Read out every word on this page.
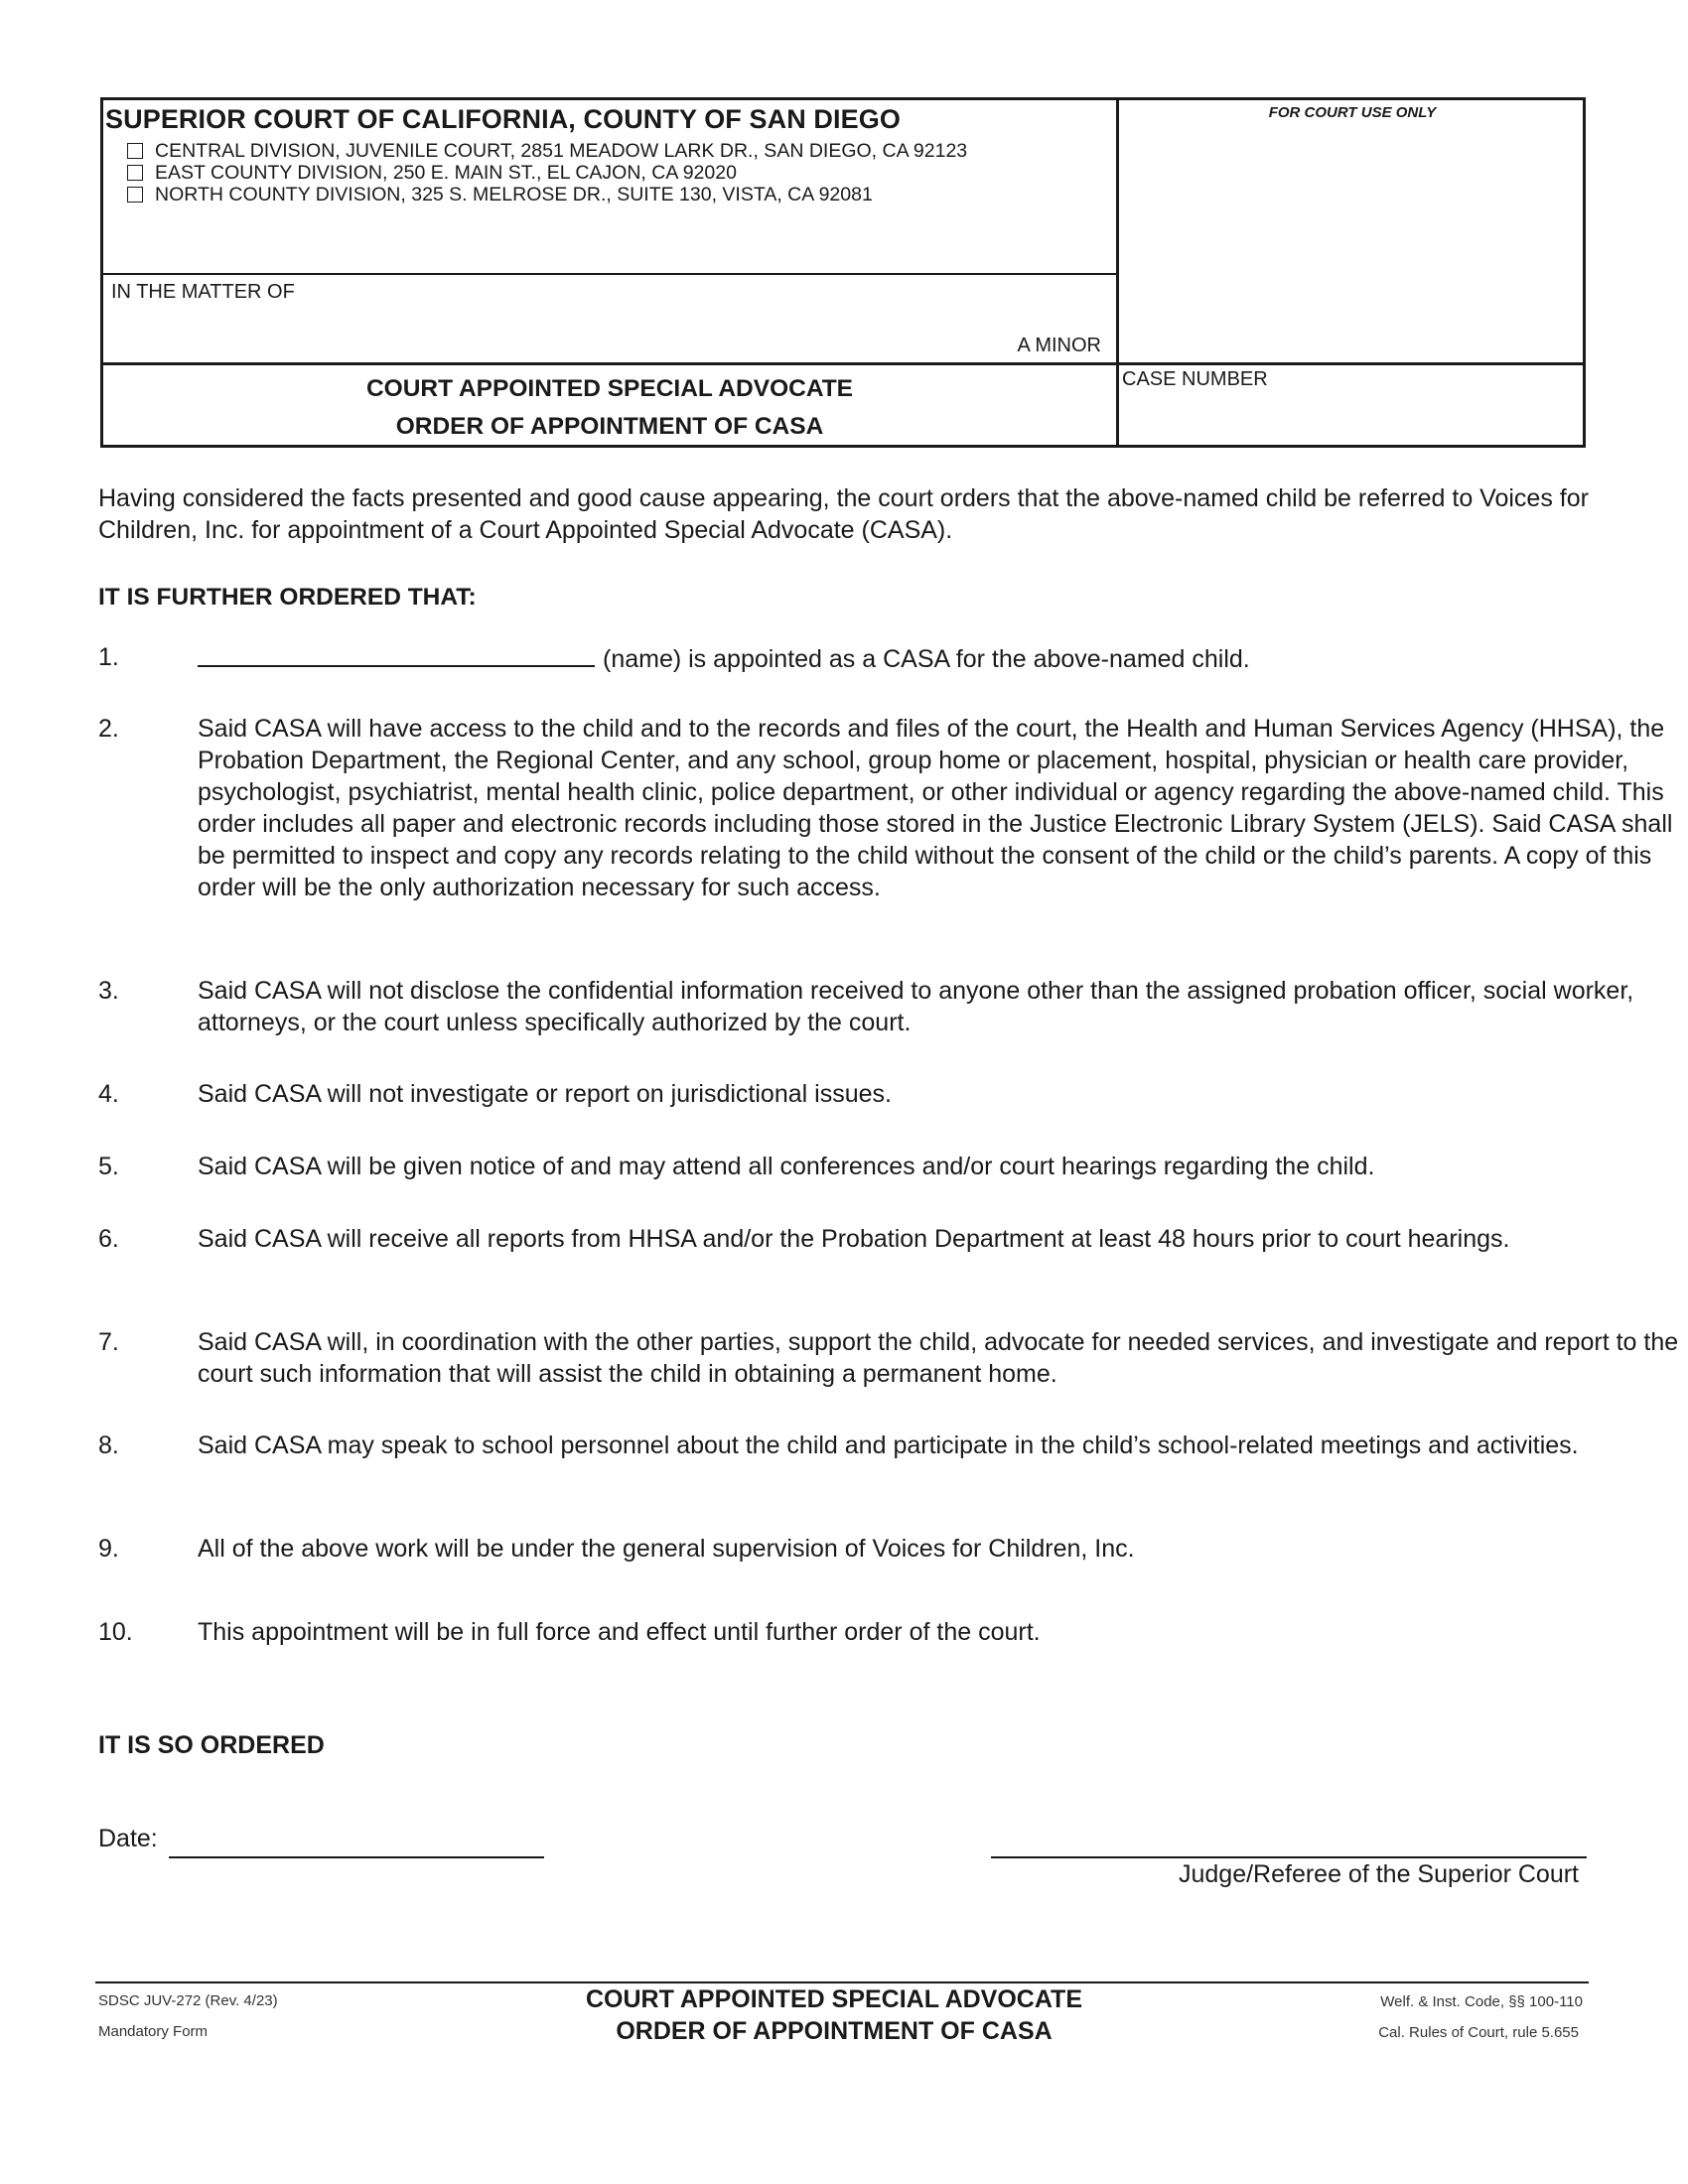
SUPERIOR COURT OF CALIFORNIA, COUNTY OF SAN DIEGO
CENTRAL DIVISION, JUVENILE COURT, 2851 MEADOW LARK DR., SAN DIEGO, CA 92123
EAST COUNTY DIVISION, 250 E. MAIN ST., EL CAJON, CA 92020
NORTH COUNTY DIVISION, 325 S. MELROSE DR., SUITE 130, VISTA, CA 92081
FOR COURT USE ONLY
IN THE MATTER OF
A MINOR
COURT APPOINTED SPECIAL ADVOCATE
ORDER OF APPOINTMENT OF CASA
CASE NUMBER
Having considered the facts presented and good cause appearing, the court orders that the above-named child be referred to Voices for Children, Inc. for appointment of a Court Appointed Special Advocate (CASA).
IT IS FURTHER ORDERED THAT:
1.	(name) is appointed as a CASA for the above-named child.
2.	Said CASA will have access to the child and to the records and files of the court, the Health and Human Services Agency (HHSA), the Probation Department, the Regional Center, and any school, group home or placement, hospital, physician or health care provider, psychologist, psychiatrist, mental health clinic, police department, or other individual or agency regarding the above-named child. This order includes all paper and electronic records including those stored in the Justice Electronic Library System (JELS). Said CASA shall be permitted to inspect and copy any records relating to the child without the consent of the child or the child’s parents. A copy of this order will be the only authorization necessary for such access.
3.	Said CASA will not disclose the confidential information received to anyone other than the assigned probation officer, social worker, attorneys, or the court unless specifically authorized by the court.
4.	Said CASA will not investigate or report on jurisdictional issues.
5.	Said CASA will be given notice of and may attend all conferences and/or court hearings regarding the child.
6.	Said CASA will receive all reports from HHSA and/or the Probation Department at least 48 hours prior to court hearings.
7.	Said CASA will, in coordination with the other parties, support the child, advocate for needed services, and investigate and report to the court such information that will assist the child in obtaining a permanent home.
8.	Said CASA may speak to school personnel about the child and participate in the child’s school-related meetings and activities.
9.	All of the above work will be under the general supervision of Voices for Children, Inc.
10.	This appointment will be in full force and effect until further order of the court.
IT IS SO ORDERED
Date:
Judge/Referee of the Superior Court
SDSC JUV-272 (Rev. 4/23)
Mandatory Form
COURT APPOINTED SPECIAL ADVOCATE
ORDER OF APPOINTMENT OF CASA
Welf. & Inst. Code, §§ 100-110
Cal. Rules of Court, rule 5.655
